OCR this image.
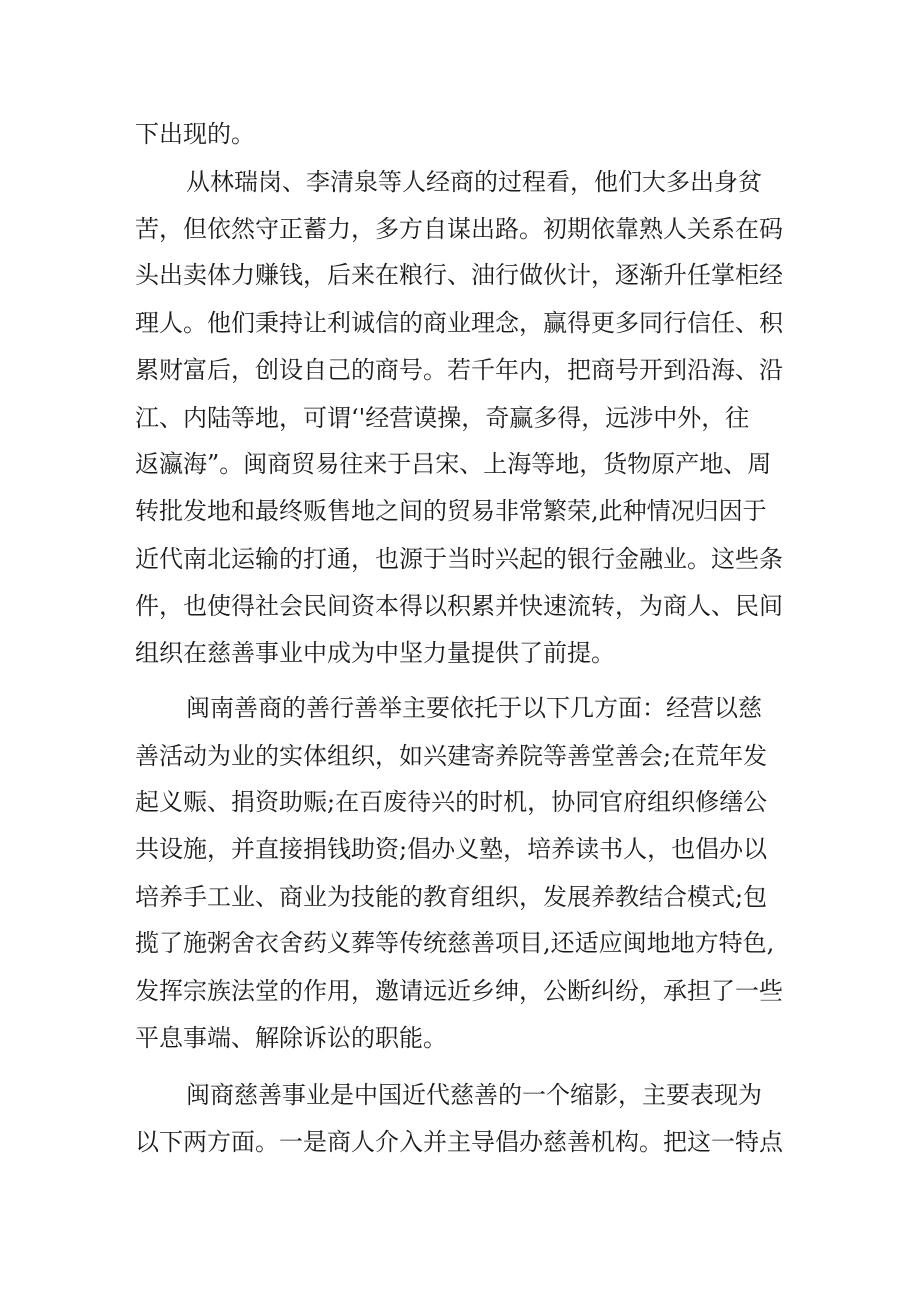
下出现的。
从林瑞岗、李清泉等人经商的过程看，他们大多出身贫
苦，但依然守正蓄力，多方自谋出路。初期依靠熟人关系在码
头出卖体力赚钱，后来在粮行、油行做伙计，逐渐升任掌柜经
理人。他们秉持让利诚信的商业理念，赢得更多同行信任、积
累财富后，创设自己的商号。若千年内，把商号开到沿海、沿
江、内陆等地，可谓‘'经营谟操，奇赢多得，远涉中外，往
返瀛海”。闽商贸易往来于吕宋、上海等地，货物原产地、周
转批发地和最终贩售地之间的贸易非常繁荣,此种情况归因于
近代南北运输的打通，也源于当时兴起的银行金融业。这些条
件，也使得社会民间资本得以积累并快速流转，为商人、民间
组织在慈善事业中成为中坚力量提供了前提。
闽南善商的善行善举主要依托于以下几方面：经营以慈
善活动为业的实体组织，如兴建寄养院等善堂善会;在荒年发
起义赈、捐资助赈;在百废待兴的时机，协同官府组织修缮公
共设施，并直接捐钱助资;倡办义塾，培养读书人，也倡办以
培养手工业、商业为技能的教育组织，发展养教结合模式;包
揽了施粥舍衣舍药义葬等传统慈善项目,还适应闽地地方特色,
发挥宗族法堂的作用，邀请远近乡绅，公断纠纷，承担了一些
平息事端、解除诉讼的职能。
闽商慈善事业是中国近代慈善的一个缩影，主要表现为
以下两方面。一是商人介入并主导倡办慈善机构。把这一特点
